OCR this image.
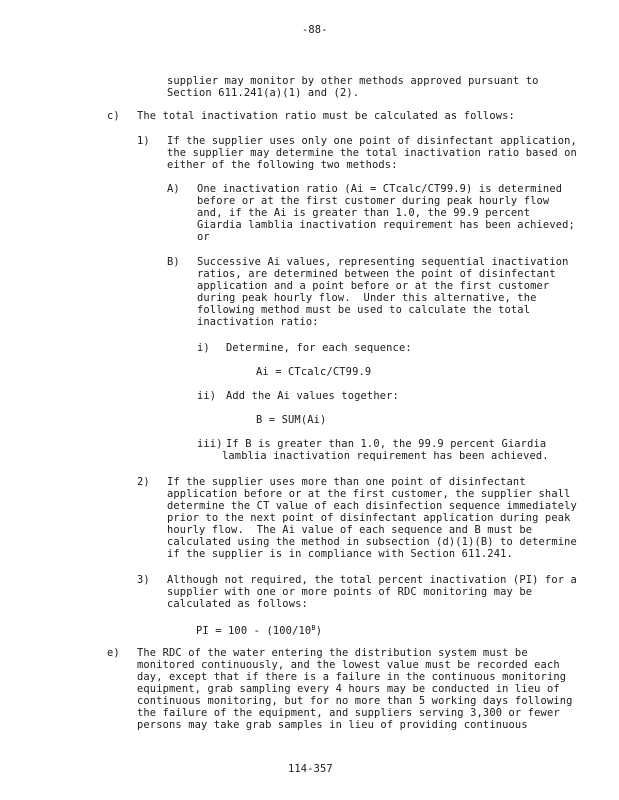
-88-
supplier may monitor by other methods approved pursuant to
Section 611.241(a)(1) and (2).
c) The total inactivation ratio must be calculated as follows:
1) If the supplier uses only one point of disinfectant application,
the supplier may determine the total inactivation ratio based on
either of the following two methods:
A) One inactivation ratio (Ai = CTcalc/CT99.9) is determined
before or at the first customer during peak hourly flow
and, if the Ai is greater than 1.0, the 99.9 percent
Giardia lamblia inactivation requirement has been achieved;
or
B) Successive Ai values, representing sequential inactivation
ratios, are determined between the point of disinfectant
application and a point before or at the first customer
during peak hourly flow.  Under this alternative, the
following method must be used to calculate the total
inactivation ratio:
i) Determine, for each sequence:
Ai = CTcalc/CT99.9
ii) Add the Ai values together:
B = SUM(Ai)
iii) If B is greater than 1.0, the 99.9 percent Giardia
lamblia inactivation requirement has been achieved.
2) If the supplier uses more than one point of disinfectant
application before or at the first customer, the supplier shall
determine the CT value of each disinfection sequence immediately
prior to the next point of disinfectant application during peak
hourly flow.  The Ai value of each sequence and B must be
calculated using the method in subsection (d)(1)(B) to determine
if the supplier is in compliance with Section 611.241.
3) Although not required, the total percent inactivation (PI) for a
supplier with one or more points of RDC monitoring may be
calculated as follows:
PI = $100 - (100/10^B)$
e) The RDC of the water entering the distribution system must be
monitored continuously, and the lowest value must be recorded each
day, except that if there is a failure in the continuous monitoring
equipment, grab sampling every 4 hours may be conducted in lieu of
continuous monitoring, but for no more than 5 working days following
the failure of the equipment, and suppliers serving 3,300 or fewer
persons may take grab samples in lieu of providing continuous
114-357
